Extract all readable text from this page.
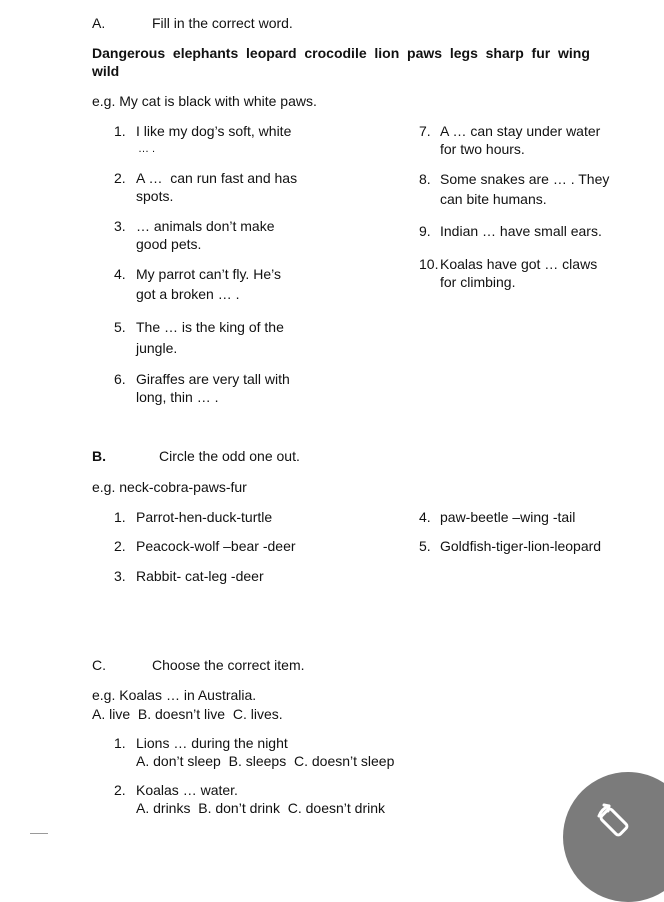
A.	Fill in the correct word.
Dangerous  elephants  leopard  crocodile  lion  paws  legs  sharp  fur  wing
wild
e.g. My cat is black with white paws.
1. I like my dog’s soft, white
… .
2. A …  can run fast and has
spots.
3. … animals don’t make
good pets.
4. My parrot can’t fly. He’s
got a broken … .
5. The … is the king of the
jungle.
6. Giraffes are very tall with
long, thin … .
7. A … can stay under water
for two hours.
8. Some snakes are … . They
can bite humans.
9. Indian … have small ears.
10. Koalas have got … claws
for climbing.
B.	Circle the odd one out.
e.g. neck-cobra-paws-fur
1. Parrot-hen-duck-turtle
2. Peacock-wolf –bear -deer
3. Rabbit- cat-leg -deer
4. paw-beetle –wing -tail
5. Goldfish-tiger-lion-leopard
C.	Choose the correct item.
e.g. Koalas … in Australia.
A. live  B. doesn’t live  C. lives.
1. Lions … during the night
A. don’t sleep  B. sleeps  C. doesn’t sleep
2. Koalas … water.
A. drinks  B. don’t drink  C. doesn’t drink
